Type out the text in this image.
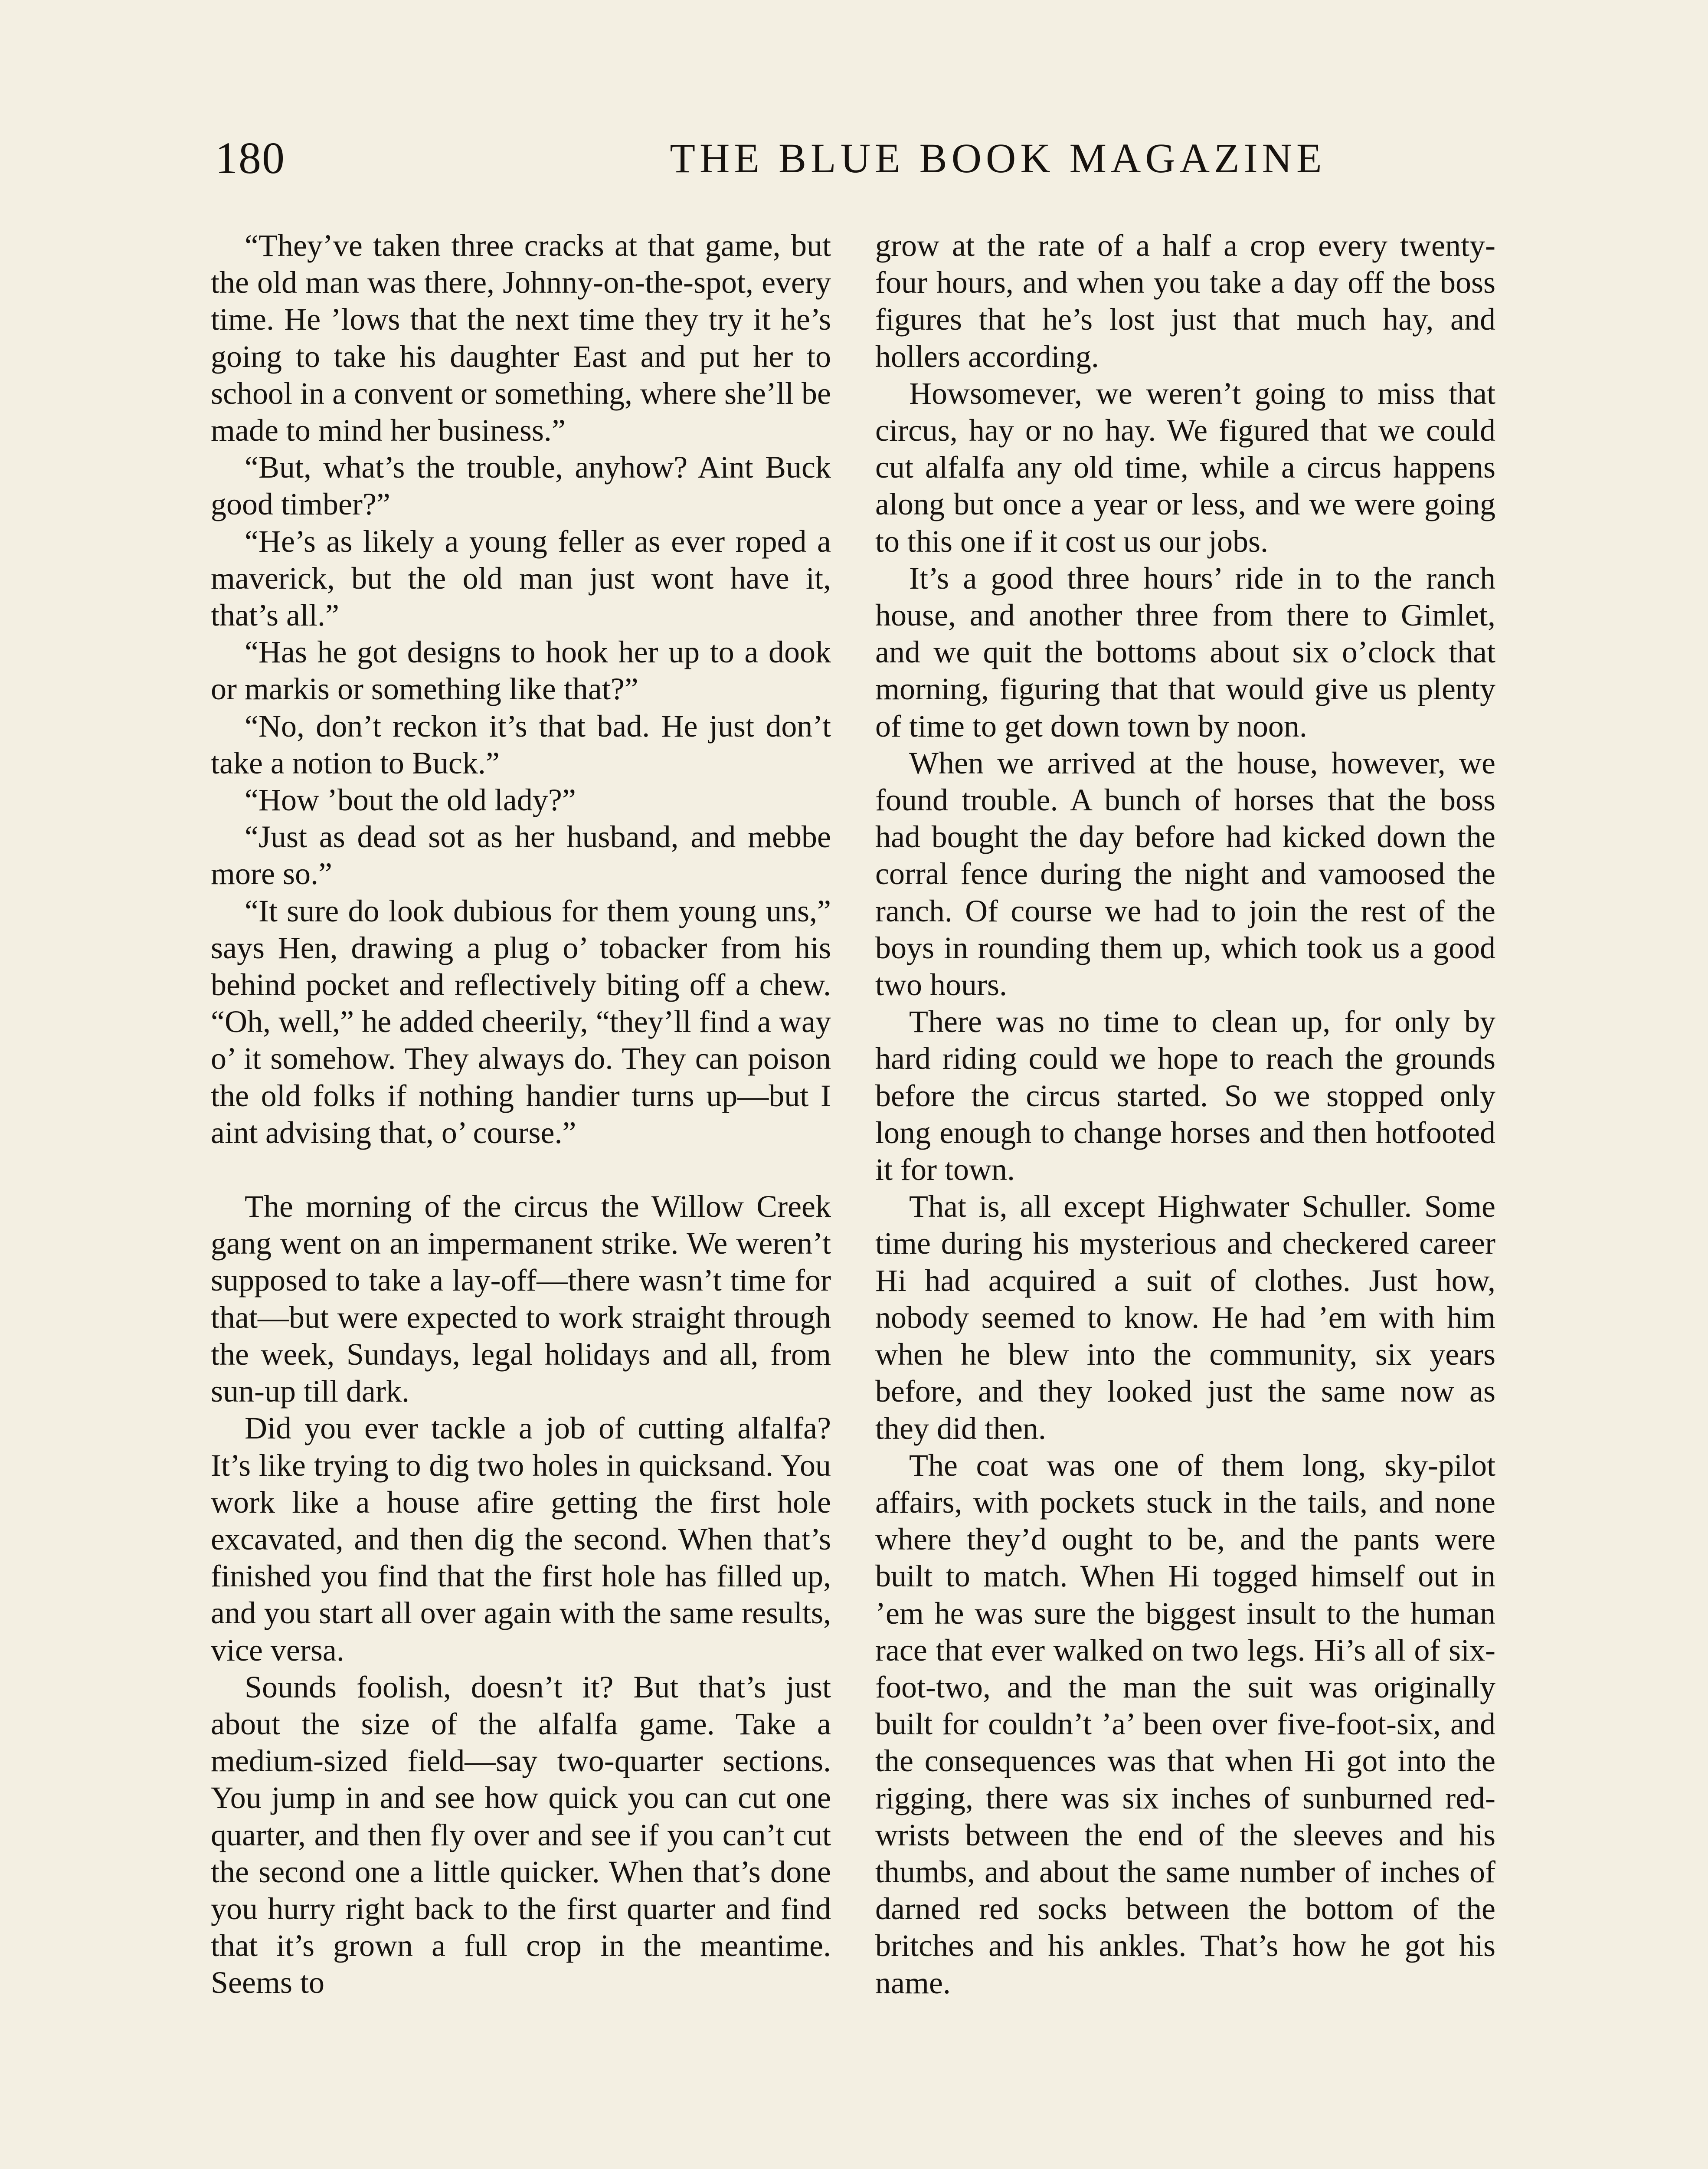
180	THE BLUE BOOK MAGAZINE

“They’ve taken three cracks at that game, but the old man was there, Johnny-on-the-spot, every time. He ’lows that the next time they try it he’s going to take his daughter East and put her to school in a convent or something, where she’ll be made to mind her business.”

“But, what’s the trouble, anyhow? Aint Buck good timber?”

“He’s as likely a young feller as ever roped a maverick, but the old man just wont have it, that’s all.”

“Has he got designs to hook her up to a dook or markis or something like that?”

“No, don’t reckon it’s that bad. He just don’t take a notion to Buck.”

“How ’bout the old lady?”

“Just as dead sot as her husband, and mebbe more so.”

“It sure do look dubious for them young uns,” says Hen, drawing a plug o’ tobacker from his behind pocket and reflectively biting off a chew. “Oh, well,” he added cheerily, “they’ll find a way o’ it somehow. They always do. They can poison the old folks if nothing handier turns up—but I aint advising that, o’ course.”

The morning of the circus the Willow Creek gang went on an impermanent strike. We weren’t supposed to take a lay-off—there wasn’t time for that—but were expected to work straight through the week, Sundays, legal holidays and all, from sun-up till dark.

Did you ever tackle a job of cutting alfalfa? It’s like trying to dig two holes in quicksand. You work like a house afire getting the first hole excavated, and then dig the second. When that’s finished you find that the first hole has filled up, and you start all over again with the same results, vice versa.

Sounds foolish, doesn’t it? But that’s just about the size of the alfalfa game. Take a medium-sized field—say two-quarter sections. You jump in and see how quick you can cut one quarter, and then fly over and see if you can’t cut the second one a little quicker. When that’s done you hurry right back to the first quarter and find that it’s grown a full crop in the meantime. Seems to

grow at the rate of a half a crop every twenty-four hours, and when you take a day off the boss figures that he’s lost just that much hay, and hollers according.

Howsomever, we weren’t going to miss that circus, hay or no hay. We figured that we could cut alfalfa any old time, while a circus happens along but once a year or less, and we were going to this one if it cost us our jobs.

It’s a good three hours’ ride in to the ranch house, and another three from there to Gimlet, and we quit the bottoms about six o’clock that morning, figuring that that would give us plenty of time to get down town by noon.

When we arrived at the house, however, we found trouble. A bunch of horses that the boss had bought the day before had kicked down the corral fence during the night and vamoosed the ranch. Of course we had to join the rest of the boys in rounding them up, which took us a good two hours.

There was no time to clean up, for only by hard riding could we hope to reach the grounds before the circus started. So we stopped only long enough to change horses and then hotfooted it for town.

That is, all except Highwater Schuller. Some time during his mysterious and checkered career Hi had acquired a suit of clothes. Just how, nobody seemed to know. He had ’em with him when he blew into the community, six years before, and they looked just the same now as they did then.

The coat was one of them long, sky-pilot affairs, with pockets stuck in the tails, and none where they’d ought to be, and the pants were built to match. When Hi togged himself out in ’em he was sure the biggest insult to the human race that ever walked on two legs. Hi’s all of six-foot-two, and the man the suit was originally built for couldn’t ’a’ been over five-foot-six, and the consequences was that when Hi got into the rigging, there was six inches of sunburned red-wrists between the end of the sleeves and his thumbs, and about the same number of inches of darned red socks between the bottom of the britches and his ankles. That’s how he got his name.
